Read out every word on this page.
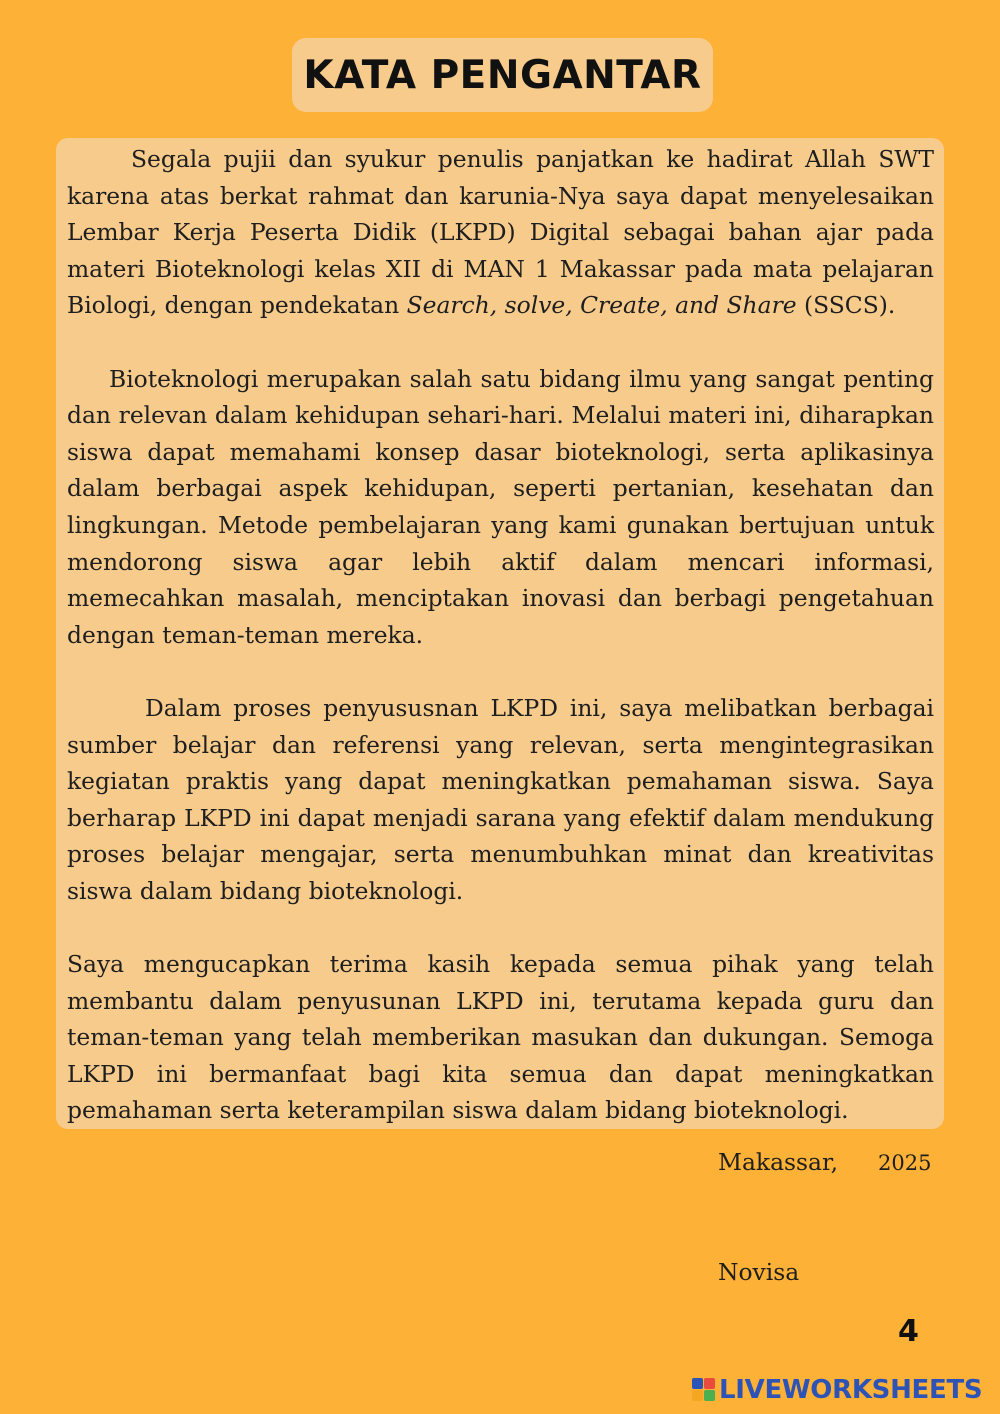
KATA PENGANTAR

Segala pujii dan syukur penulis panjatkan ke hadirat Allah SWT karena atas berkat rahmat dan karunia-Nya saya dapat menyelesaikan Lembar Kerja Peserta Didik (LKPD) Digital sebagai bahan ajar pada materi Bioteknologi kelas XII di MAN 1 Makassar pada mata pelajaran Biologi, dengan pendekatan Search, solve, Create, and Share (SSCS).

Bioteknologi merupakan salah satu bidang ilmu yang sangat penting dan relevan dalam kehidupan sehari-hari. Melalui materi ini, diharapkan siswa dapat memahami konsep dasar bioteknologi, serta aplikasinya dalam berbagai aspek kehidupan, seperti pertanian, kesehatan dan lingkungan. Metode pembelajaran yang kami gunakan bertujuan untuk mendorong siswa agar lebih aktif dalam mencari informasi, memecahkan masalah, menciptakan inovasi dan berbagi pengetahuan dengan teman-teman mereka.

Dalam proses penyususnan LKPD ini, saya melibatkan berbagai sumber belajar dan referensi yang relevan, serta mengintegrasikan kegiatan praktis yang dapat meningkatkan pemahaman siswa. Saya berharap LKPD ini dapat menjadi sarana yang efektif dalam mendukung proses belajar mengajar, serta menumbuhkan minat dan kreativitas siswa dalam bidang bioteknologi.

Saya mengucapkan terima kasih kepada semua pihak yang telah membantu dalam penyusunan LKPD ini, terutama kepada guru dan teman-teman yang telah memberikan masukan dan dukungan. Semoga LKPD ini bermanfaat bagi kita semua dan dapat meningkatkan pemahaman serta keterampilan siswa dalam bidang bioteknologi.

Makassar, 2025
Novisa
4
LIVEWORKSHEETS
